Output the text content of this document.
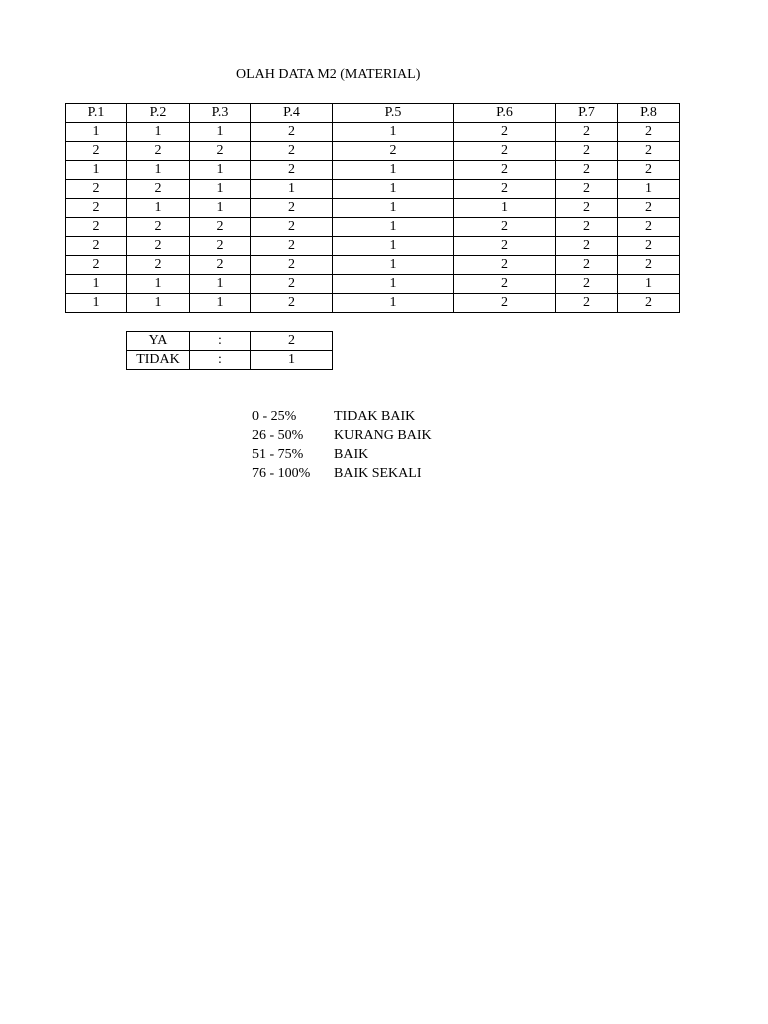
OLAH DATA M2 (MATERIAL)
P.1	P.2	P.3	P.4	P.5	P.6	P.7	P.8
1	1	1	2	1	2	2	2
2	2	2	2	2	2	2	2
1	1	1	2	1	2	2	2
2	2	1	1	1	2	2	1
2	1	1	2	1	1	2	2
2	2	2	2	1	2	2	2
2	2	2	2	1	2	2	2
2	2	2	2	1	2	2	2
1	1	1	2	1	2	2	1
1	1	1	2	1	2	2	2
YA	:	2
TIDAK	:	1
0 - 25%	TIDAK BAIK
26 - 50%	KURANG BAIK
51 - 75%	BAIK
76 - 100%	BAIK SEKALI
